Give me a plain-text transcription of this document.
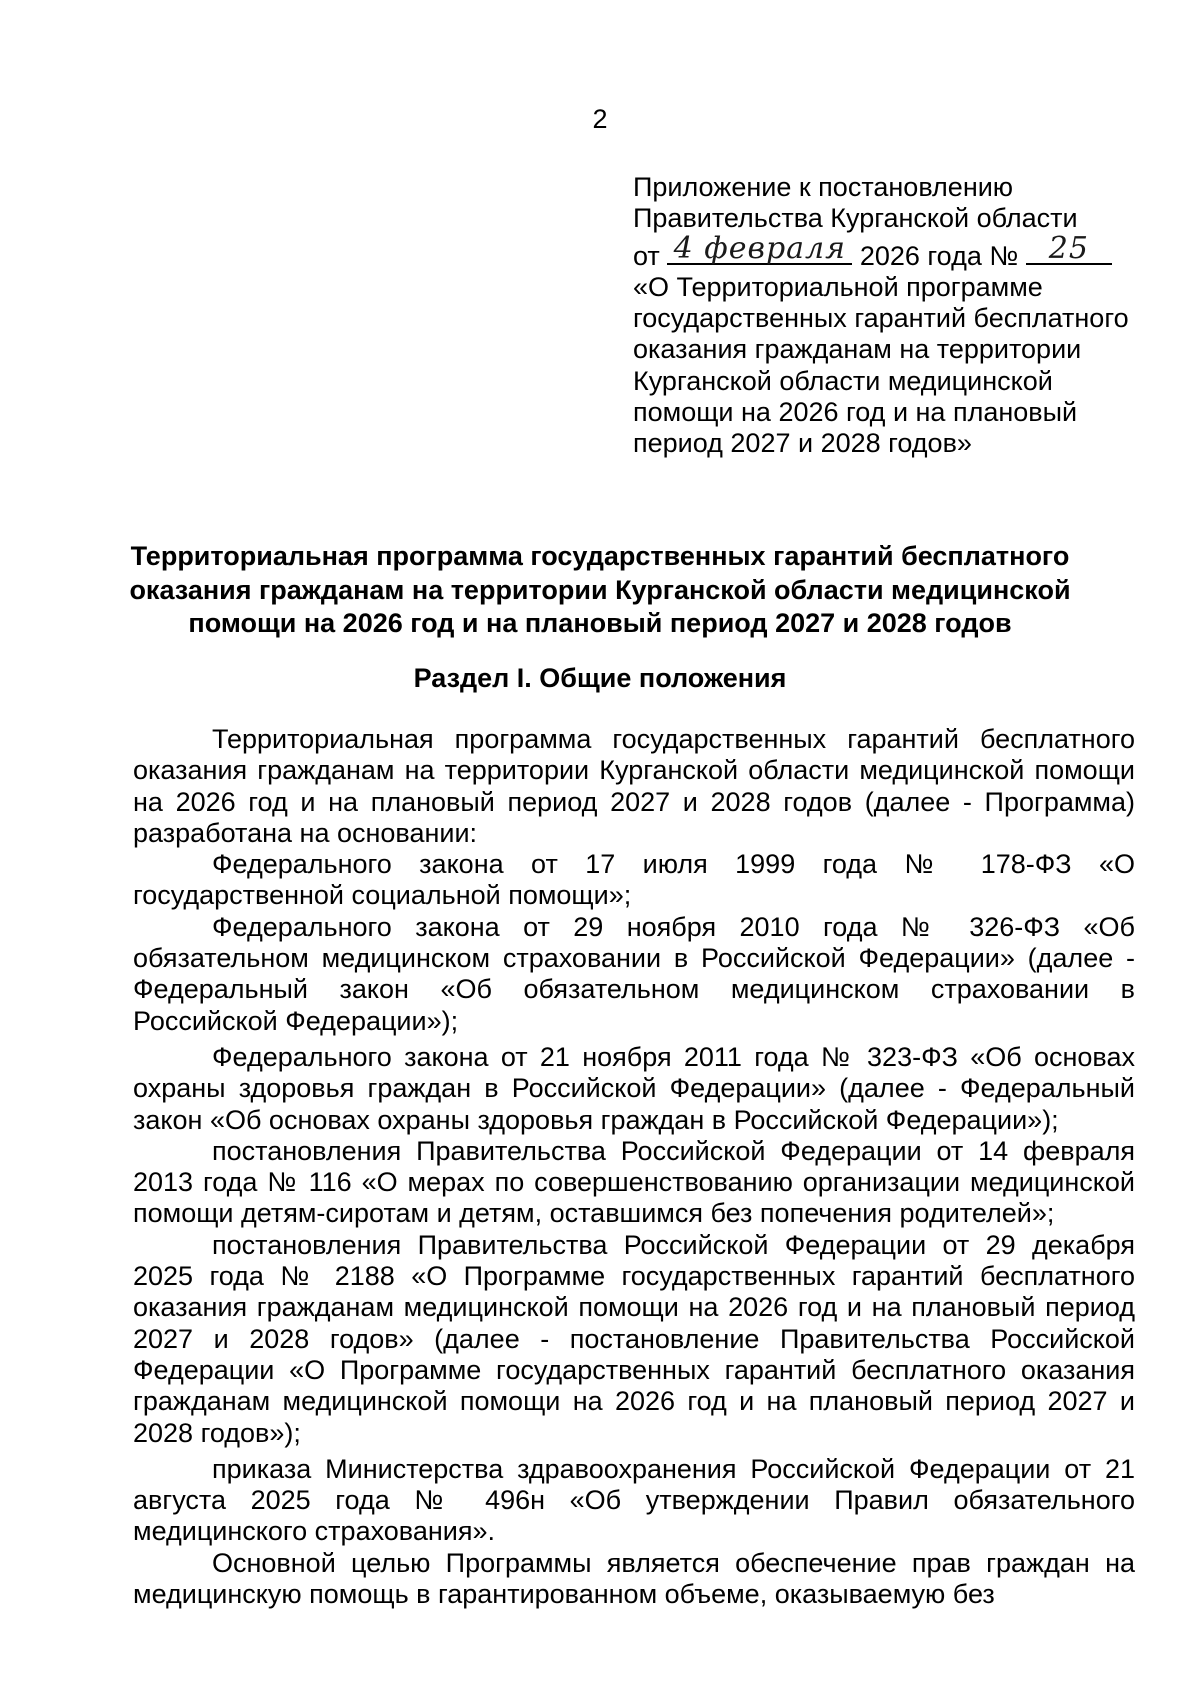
2
Приложение к постановлению
Правительства Курганской области
от 4 февраля 2026 года №	25
«О Территориальной программе
государственных гарантий бесплатного
оказания гражданам на территории
Курганской области медицинской
помощи на 2026 год и на плановый
период 2027 и 2028 годов»
Территориальная программа государственных гарантий бесплатного
оказания гражданам на территории Курганской области медицинской
помощи на 2026 год и на плановый период 2027 и 2028 годов
Раздел I. Общие положения

Территориальная программа государственных гарантий бесплатного оказания гражданам на территории Курганской области медицинской помощи на 2026 год и на плановый период 2027 и 2028 годов (далее - Программа) разработана на основании:

Федерального закона от 17 июля 1999 года № 178-ФЗ «О государственной социальной помощи»;

Федерального закона от 29 ноября 2010 года № 326-ФЗ «Об обязательном медицинском страховании в Российской Федерации» (далее - Федеральный закон «Об обязательном медицинском страховании в Российской Федерации»);

Федерального закона от 21 ноября 2011 года № 323-ФЗ «Об основах охраны здоровья граждан в Российской Федерации» (далее - Федеральный закон «Об основах охраны здоровья граждан в Российской Федерации»);

постановления Правительства Российской Федерации от 14 февраля 2013 года № 116 «О мерах по совершенствованию организации медицинской помощи детям-сиротам и детям, оставшимся без попечения родителей»;

постановления Правительства Российской Федерации от 29 декабря 2025 года № 2188 «О Программе государственных гарантий бесплатного оказания гражданам медицинской помощи на 2026 год и на плановый период 2027 и 2028 годов» (далее - постановление Правительства Российской Федерации «О Программе государственных гарантий бесплатного оказания гражданам медицинской помощи на 2026 год и на плановый период 2027 и 2028 годов»);

приказа Министерства здравоохранения Российской Федерации от 21 августа 2025 года № 496н «Об утверждении Правил обязательного медицинского страхования».

Основной целью Программы является обеспечение прав граждан на медицинскую помощь в гарантированном объеме, оказываемую без
